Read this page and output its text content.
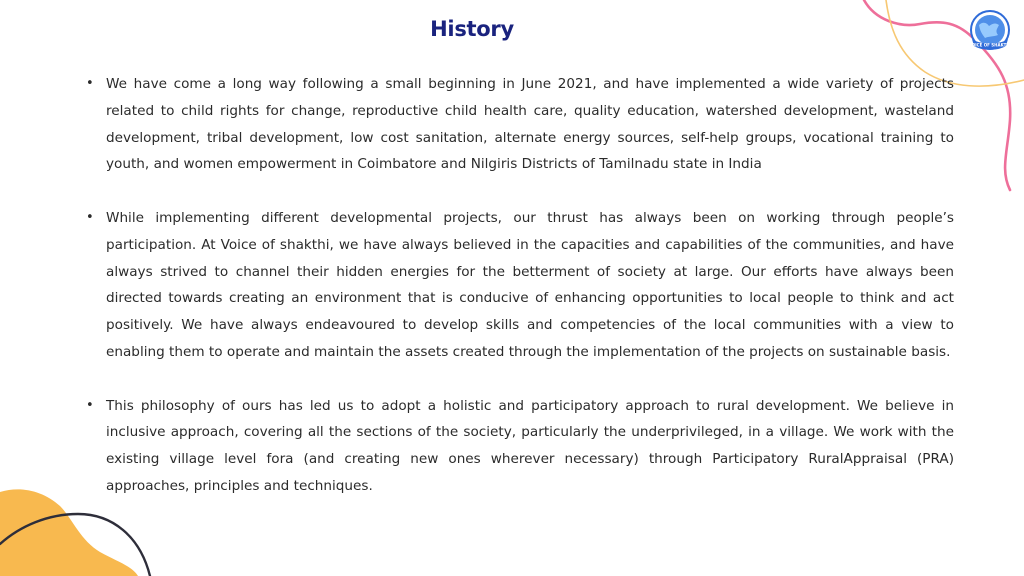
VOICE OF SHAKTHI
History

• We have come a long way following a small beginning in June 2021, and have implemented a wide variety of projects related to child rights for change, reproductive child health care, quality education, watershed development, wasteland development, tribal development, low cost sanitation, alternate energy sources, self-help groups, vocational training to youth, and women empowerment in Coimbatore and Nilgiris Districts of Tamilnadu state in India

• While implementing different developmental projects, our thrust has always been on working through people’s participation. At Voice of shakthi, we have always believed in the capacities and capabilities of the communities, and have always strived to channel their hidden energies for the betterment of society at large. Our efforts have always been directed towards creating an environment that is conducive of enhancing opportunities to local people to think and act positively. We have always endeavoured to develop skills and competencies of the local communities with a view to enabling them to operate and maintain the assets created through the implementation of the projects on sustainable basis.

• This philosophy of ours has led us to adopt a holistic and participatory approach to rural development. We believe in inclusive approach, covering all the sections of the society, particularly the underprivileged, in a village. We work with the existing village level fora (and creating new ones wherever necessary) through Participatory RuralAppraisal (PRA) approaches, principles and techniques.
